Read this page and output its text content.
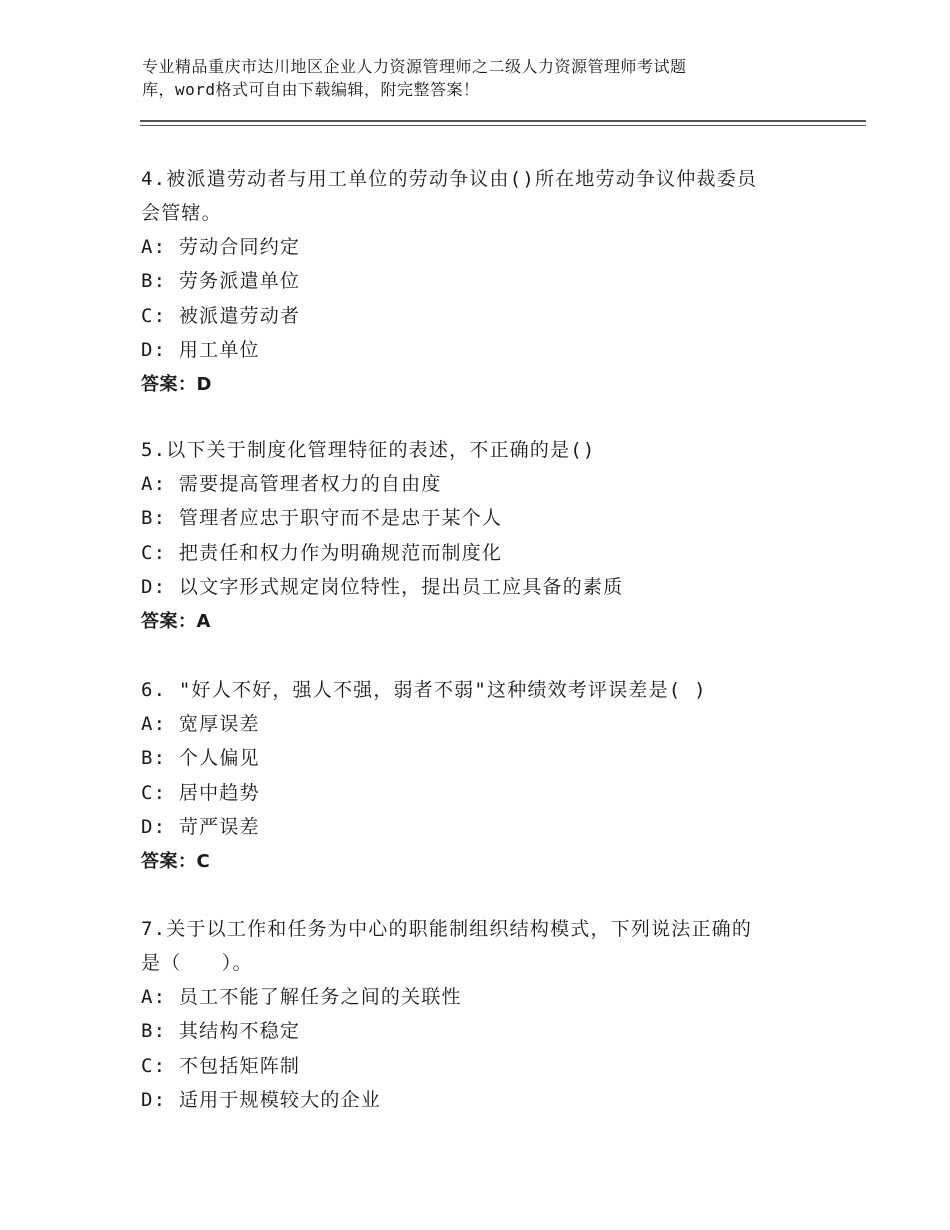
专业精品重庆市达川地区企业人力资源管理师之二级人力资源管理师考试题
库，word格式可自由下载编辑，附完整答案！
4.被派遣劳动者与用工单位的劳动争议由()所在地劳动争议仲裁委员
会管辖。
A: 劳动合同约定
B: 劳务派遣单位
C: 被派遣劳动者
D: 用工单位
答案：D
5.以下关于制度化管理特征的表述，不正确的是()
A: 需要提高管理者权力的自由度
B: 管理者应忠于职守而不是忠于某个人
C: 把责任和权力作为明确规范而制度化
D: 以文字形式规定岗位特性，提出员工应具备的素质
答案：A
6. "好人不好，强人不强，弱者不弱"这种绩效考评误差是( )
A: 宽厚误差
B: 个人偏见
C: 居中趋势
D: 苛严误差
答案：C
7.关于以工作和任务为中心的职能制组织结构模式，下列说法正确的
是（　　）。
A: 员工不能了解任务之间的关联性
B: 其结构不稳定
C: 不包括矩阵制
D: 适用于规模较大的企业
